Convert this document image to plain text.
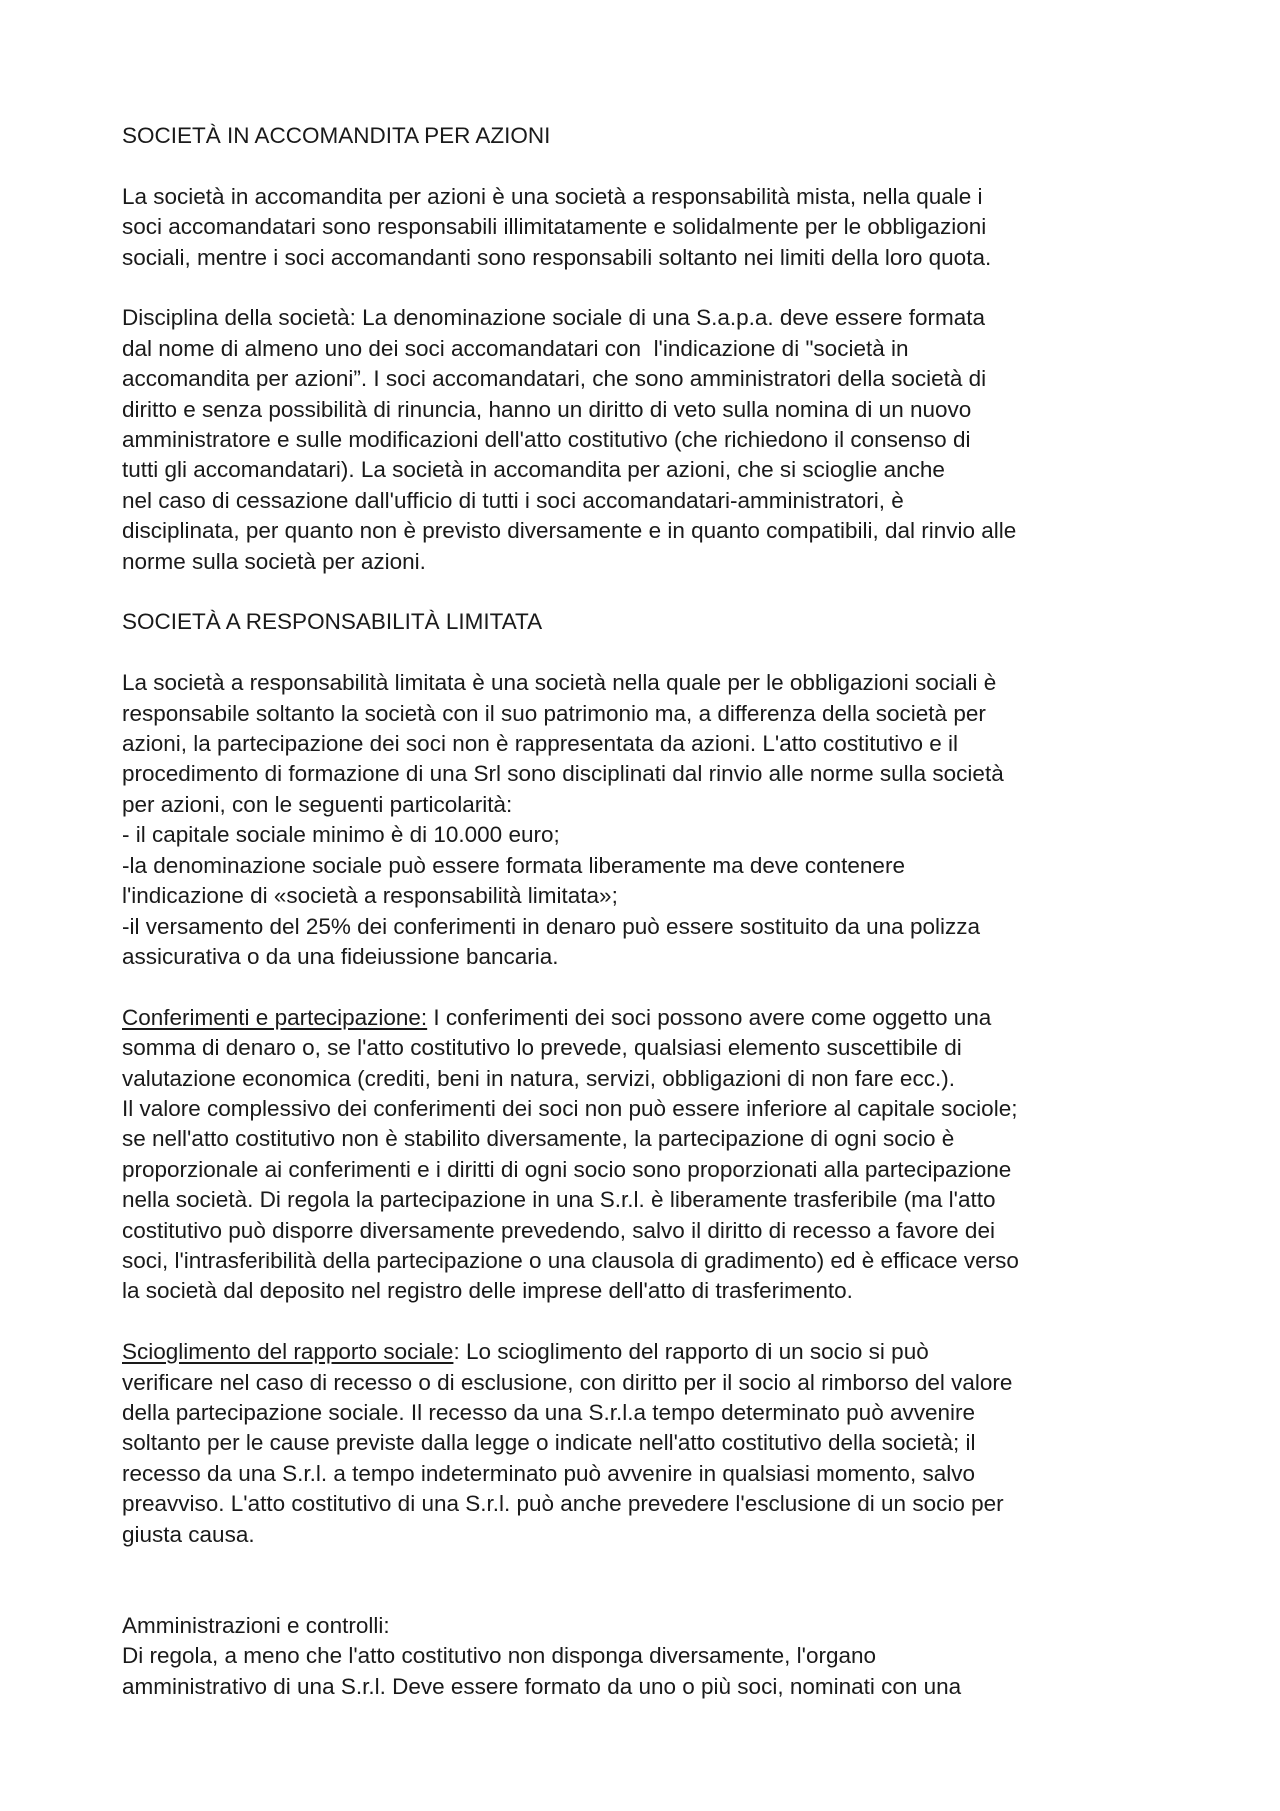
SOCIETÀ IN ACCOMANDITA PER AZIONI

La società in accomandita per azioni è una società a responsabilità mista, nella quale i
soci accomandatari sono responsabili illimitatamente e solidalmente per le obbligazioni
sociali, mentre i soci accomandanti sono responsabili soltanto nei limiti della loro quota.

Disciplina della società: La denominazione sociale di una S.a.p.a. deve essere formata
dal nome di almeno uno dei soci accomandatari con  l'indicazione di "società in
accomandita per azioni”. I soci accomandatari, che sono amministratori della società di
diritto e senza possibilità di rinuncia, hanno un diritto di veto sulla nomina di un nuovo
amministratore e sulle modificazioni dell'atto costitutivo (che richiedono il consenso di
tutti gli accomandatari). La società in accomandita per azioni, che si scioglie anche
nel caso di cessazione dall'ufficio di tutti i soci accomandatari-amministratori, è
disciplinata, per quanto non è previsto diversamente e in quanto compatibili, dal rinvio alle
norme sulla società per azioni.

SOCIETÀ A RESPONSABILITÀ LIMITATA

La società a responsabilità limitata è una società nella quale per le obbligazioni sociali è
responsabile soltanto la società con il suo patrimonio ma, a differenza della società per
azioni, la partecipazione dei soci non è rappresentata da azioni. L'atto costitutivo e il
procedimento di formazione di una Srl sono disciplinati dal rinvio alle norme sulla società
per azioni, con le seguenti particolarità:
- il capitale sociale minimo è di 10.000 euro;
-la denominazione sociale può essere formata liberamente ma deve contenere
l'indicazione di «società a responsabilità limitata»;
-il versamento del 25% dei conferimenti in denaro può essere sostituito da una polizza
assicurativa o da una fideiussione bancaria.

Conferimenti e partecipazione: I conferimenti dei soci possono avere come oggetto una
somma di denaro o, se l'atto costitutivo lo prevede, qualsiasi elemento suscettibile di
valutazione economica (crediti, beni in natura, servizi, obbligazioni di non fare ecc.).
Il valore complessivo dei conferimenti dei soci non può essere inferiore al capitale sociole;
se nell'atto costitutivo non è stabilito diversamente, la partecipazione di ogni socio è
proporzionale ai conferimenti e i diritti di ogni socio sono proporzionati alla partecipazione
nella società. Di regola la partecipazione in una S.r.l. è liberamente trasferibile (ma l'atto
costitutivo può disporre diversamente prevedendo, salvo il diritto di recesso a favore dei
soci, l'intrasferibilità della partecipazione o una clausola di gradimento) ed è efficace verso
la società dal deposito nel registro delle imprese dell'atto di trasferimento.

Scioglimento del rapporto sociale: Lo scioglimento del rapporto di un socio si può
verificare nel caso di recesso o di esclusione, con diritto per il socio al rimborso del valore
della partecipazione sociale. Il recesso da una S.r.l.a tempo determinato può avvenire
soltanto per le cause previste dalla legge o indicate nell'atto costitutivo della società; il
recesso da una S.r.l. a tempo indeterminato può avvenire in qualsiasi momento, salvo
preavviso. L'atto costitutivo di una S.r.l. può anche prevedere l'esclusione di un socio per
giusta causa.

Amministrazioni e controlli:
Di regola, a meno che l'atto costitutivo non disponga diversamente, l'organo
amministrativo di una S.r.l. Deve essere formato da uno o più soci, nominati con una
